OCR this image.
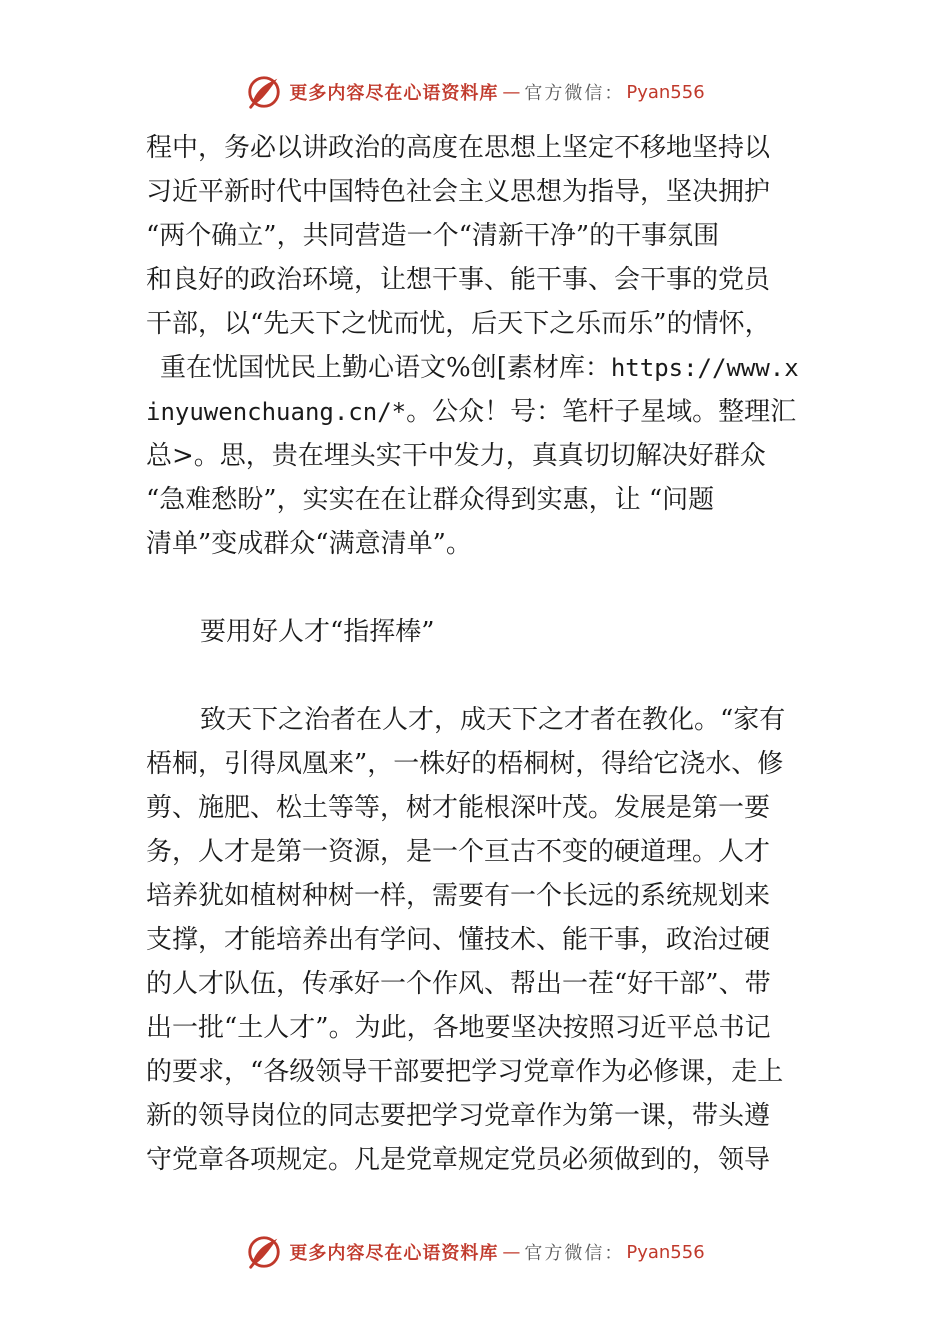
更多内容尽在心语资料库 — 官方微信： Pyan556
程中，务必以讲政治的高度在思想上坚定不移地坚持以
习近平新时代中国特色社会主义思想为指导，坚决拥护
“两个确立”，共同营造一个“清新干净”的干事氛围
和良好的政治环境，让想干事、能干事、会干事的党员
干部，以“先天下之忧而忧，后天下之乐而乐”的情怀，
重在忧国忧民上勤心语文%创[素材库：https://www.x
inyuwenchuang.cn/*。公众！号：笔杆子星域。整理汇
总>。思，贵在埋头实干中发力，真真切切解决好群众
“急难愁盼”，实实在在让群众得到实惠，让 “问题
清单”变成群众“满意清单”。
要用好人才“指挥棒”
致天下之治者在人才，成天下之才者在教化。“家有
梧桐，引得凤凰来”，一株好的梧桐树，得给它浇水、修
剪、施肥、松土等等，树才能根深叶茂。发展是第一要
务，人才是第一资源，是一个亘古不变的硬道理。人才
培养犹如植树种树一样，需要有一个长远的系统规划来
支撑，才能培养出有学问、懂技术、能干事，政治过硬
的人才队伍，传承好一个作风、帮出一茬“好干部”、带
出一批“土人才”。为此，各地要坚决按照习近平总书记
的要求，“各级领导干部要把学习党章作为必修课，走上
新的领导岗位的同志要把学习党章作为第一课，带头遵
守党章各项规定。凡是党章规定党员必须做到的，领导
更多内容尽在心语资料库 — 官方微信： Pyan556
